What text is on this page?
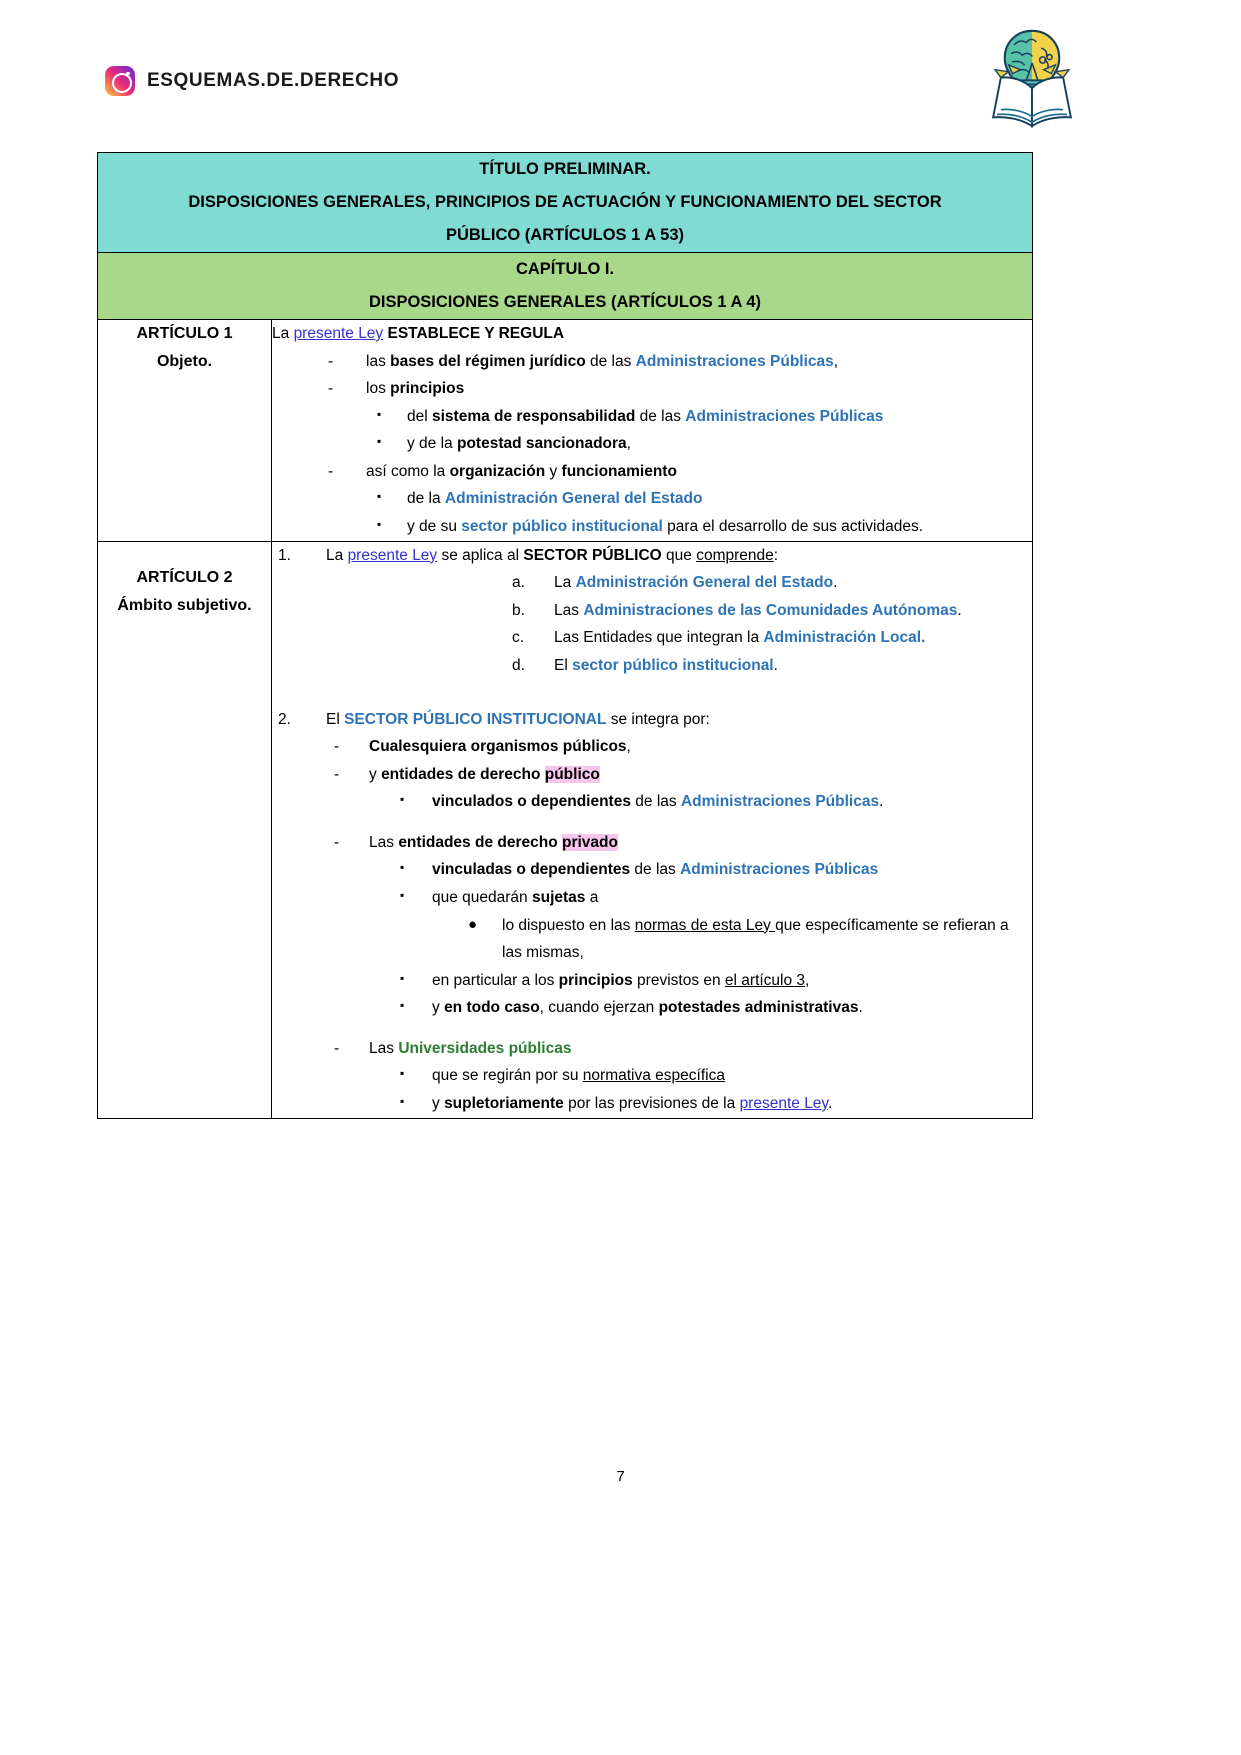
ESQUEMAS.DE.DERECHO
TÍTULO PRELIMINAR.
DISPOSICIONES GENERALES, PRINCIPIOS DE ACTUACIÓN Y FUNCIONAMIENTO DEL SECTOR
PÚBLICO (ARTÍCULOS 1 A 53)	

CAPÍTULO I.
DISPOSICIONES GENERALES (ARTÍCULOS 1 A 4)	

ARTÍCULO 1
Objeto.

La presente Ley ESTABLECE Y REGULA
-	las bases del régimen jurídico de las Administraciones Públicas,
-	los principios
▪	del sistema de responsabilidad de las Administraciones Públicas
▪	y de la potestad sancionadora,
-	así como la organización y funcionamiento
▪	de la Administración General del Estado
▪	y de su sector público institucional para el desarrollo de sus actividades.

ARTÍCULO 2
Ámbito subjetivo.

1.	La presente Ley se aplica al SECTOR PÚBLICO que comprende:
a.	La Administración General del Estado.
b.	Las Administraciones de las Comunidades Autónomas.
c.	Las Entidades que integran la Administración Local.
d.	El sector público institucional.
2.	El SECTOR PÚBLICO INSTITUCIONAL se integra por:
-	Cualesquiera organismos públicos,
-	y entidades de derecho público
▪	vinculados o dependientes de las Administraciones Públicas.
-	Las entidades de derecho privado
▪	vinculadas o dependientes de las Administraciones Públicas
▪	que quedarán sujetas a
●	lo dispuesto en las normas de esta Ley que específicamente se refieran a las mismas,
▪	en particular a los principios previstos en el artículo 3,
▪	y en todo caso, cuando ejerzan potestades administrativas.
-	Las Universidades públicas
▪	que se regirán por su normativa específica
▪	y supletoriamente por las previsiones de la presente Ley.
7
